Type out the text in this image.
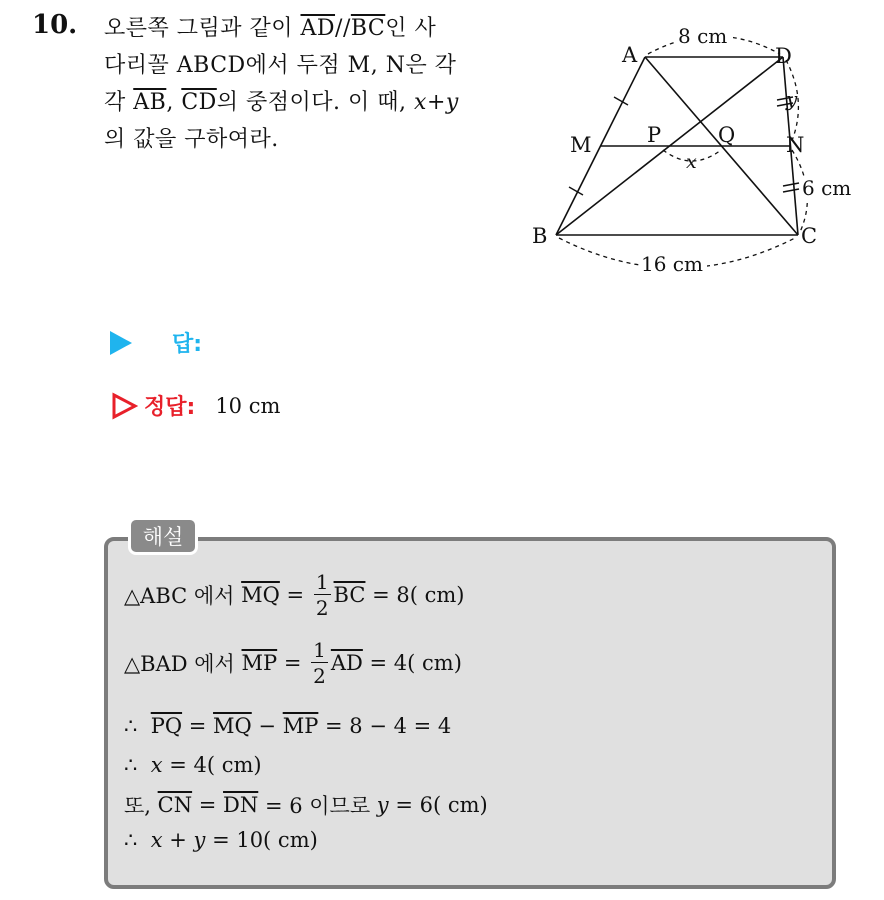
10. 오른쪽 그림과 같이 $\overline{AD}//\overline{BC}$인 사
다리꼴 ABCD에서 두점 M, N은 각
각 $\overline{AB}$, $\overline{CD}$의 중점이다. 이 때, x+y
의 값을 구하여라.
A	D
M	N
P	Q
B	C
8 cm
16 cm
6 cm
x
y
답:
정답: 10 cm
해설
△ABC 에서 $\overline{MQ} = \frac{1}{2} \overline{BC} = 8$( cm)
△BAD 에서 $\overline{MP} = \frac{1}{2} \overline{AD} = 4$( cm)
∴ $\overline{PQ} = \overline{MQ} - \overline{MP} = 8 - 4 = 4$
∴ x = 4( cm)
또, $\overline{CN} = \overline{DN} = 6$ 이므로 y = 6( cm)
∴ x + y = 10( cm)
